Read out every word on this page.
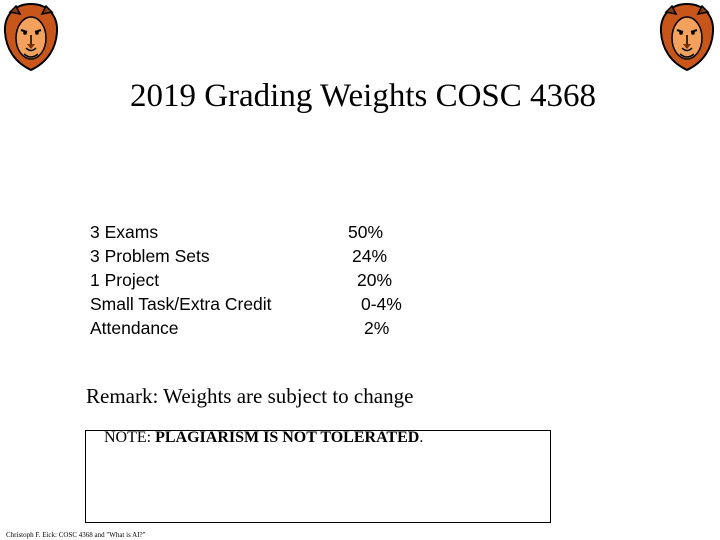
2019 Grading Weights COSC 4368
3 Exams	50%
3 Problem Sets	24%
1 Project	20%
Small Task/Extra Credit	0-4%
Attendance	2%
Remark: Weights are subject to change
NOTE: PLAGIARISM IS NOT TOLERATED.
Christoph F. Eick: COSC 4368 and "What is AI?"
